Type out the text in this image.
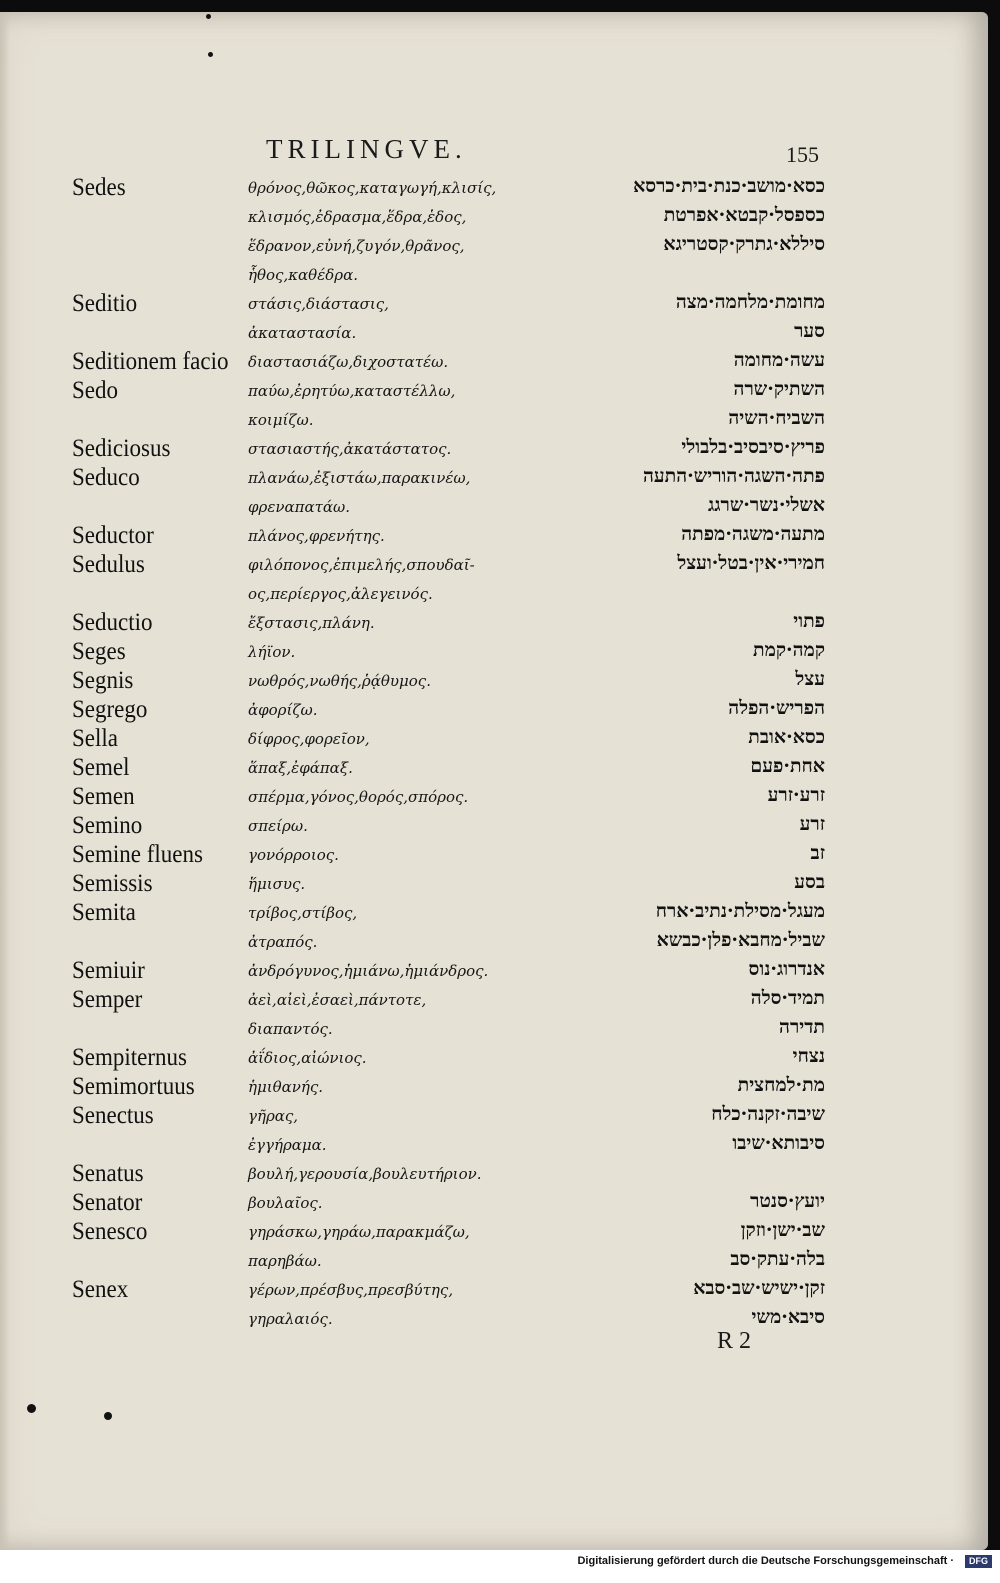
TRILINGVE.	155
Sedes	θρόνος,θῶκος,καταγωγή,κλισίς,	כסא·מושב·כנת·בית·כרסא
κλισμός,ἐδρασμα,ἕδρα,ἑδος,	כספסל·קבטא·אפרטת
ἕδρανον,εὐνή,ζυγόν,θρᾶνος,	סיללא·גתרק·קסטריגא
ἧθος,καθέδρα.
Seditio	στάσις,διάστασις,	מחומת·מלחמה·מצה
ἀκαταστασία.	סער
Seditionem facio διαστασιάζω,διχοστατέω.	עשה·מחומה
Sedo	παύω,ἐρητύω,καταστέλλω,	השתיק·שרה
κοιμίζω.	השביח·השיה
Sediciosus	στασιαστής,ἀκατάστατος.	פריץ·סיבסיב·בלבולי
Seduco	πλανάω,ἐξιστάω,παρακινέω,	פתה·השגה·הוריש·התעה
φρεναπατάω.	אשלי·נשר·שרגג
Seductor	πλάνος,φρενήτης.	מתעה·משגה·מפתה
Sedulus	φιλόπονος,ἐπιμελής,σπουδαῖ-	חמירי·אין·בטל·ועצל
ος,περίεργος,ἀλεγεινός.
Seductio	ἔξστασις,πλάνη.	פתוי
Seges	λήϊον.	קמה·קמת
Segnis	νωθρός,νωθής,ῥᾴθυμος.	עצל
Segrego	ἀφορίζω.	הפריש·הפלה
Sella	δίφρος,φορεῖον,	כסא·אובת
Semel	ἅπαξ,ἐφάπαξ.	אחת·פעם
Semen	σπέρμα,γόνος,θορός,σπόρος.	זרע·זרע
Semino	σπείρω.	זרע
Semine fluens	γονόρροιος.	זב
Semissis	ἥμισυς.	בסע
Semita	τρίβος,στίβος,	מעגל·מסילת·נתיב·ארח
ἀτραπός.	שביל·מחבא·פלן·כבשא
Semiuir	ἀνδρόγυνος,ἡμιάνω,ἡμιάνδρος.	אנדרוג·נוס
Semper	ἀεὶ,αἰεὶ,ἐσαεὶ,πάντοτε,	תמיד·סלה
διαπαντός.	תדירה
Sempiternus	ἀΐδιος,αἰώνιος.	נצחי
Semimortuus	ἡμιθανής.	מת·למחצית
Senectus	γῆρας,	שיבה·זקנה·כלח
ἐγγήραμα.	סיבותא·שיבו
Senatus	βουλή,γερουσία,βουλευτήριον.
Senator	βουλαῖος.	יועץ·סנטר
Senesco	γηράσκω,γηράω,παρακμάζω,	שב·ישן·וזקן
παρηβάω.	בלה·עתק·סב
Senex	γέρων,πρέσβυς,πρεσβύτης,	זקן·ישיש·שב·סבא
γηραλαιός.	סיבא·משי
R 2
Digitalisierung gefördert durch die Deutsche Forschungsgemeinschaft ·	DFG
